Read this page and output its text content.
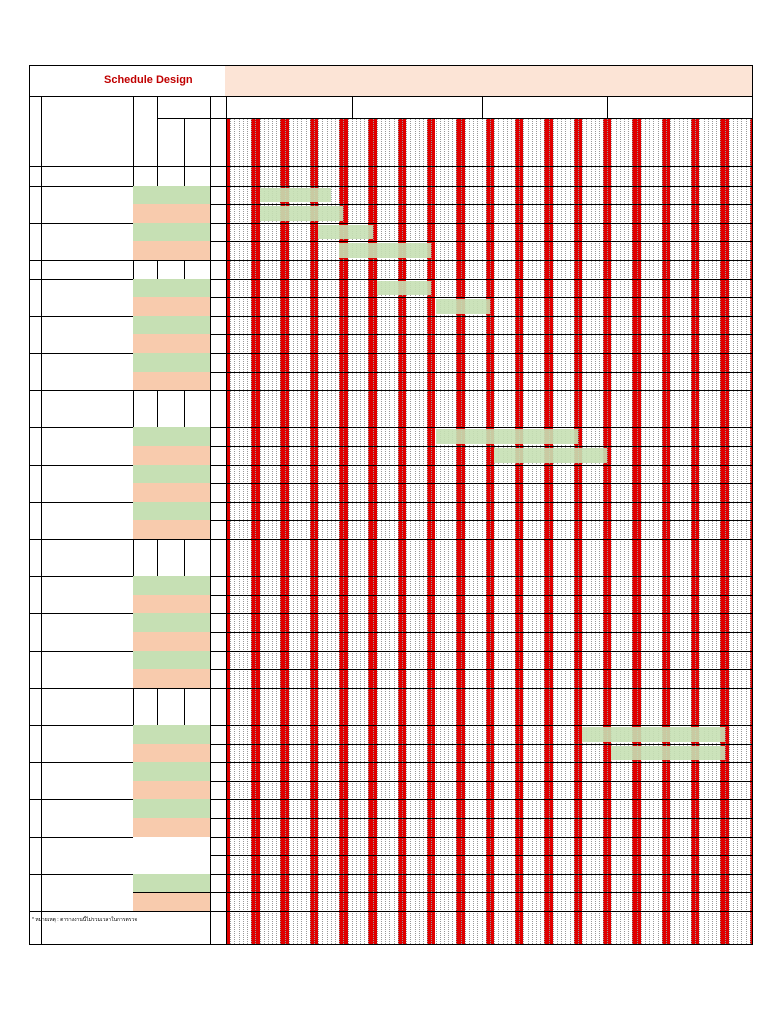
Schedule Design
* หมายเหตุ : ตารางงานนี้ไม่รวมเวลาในการตรวจ
